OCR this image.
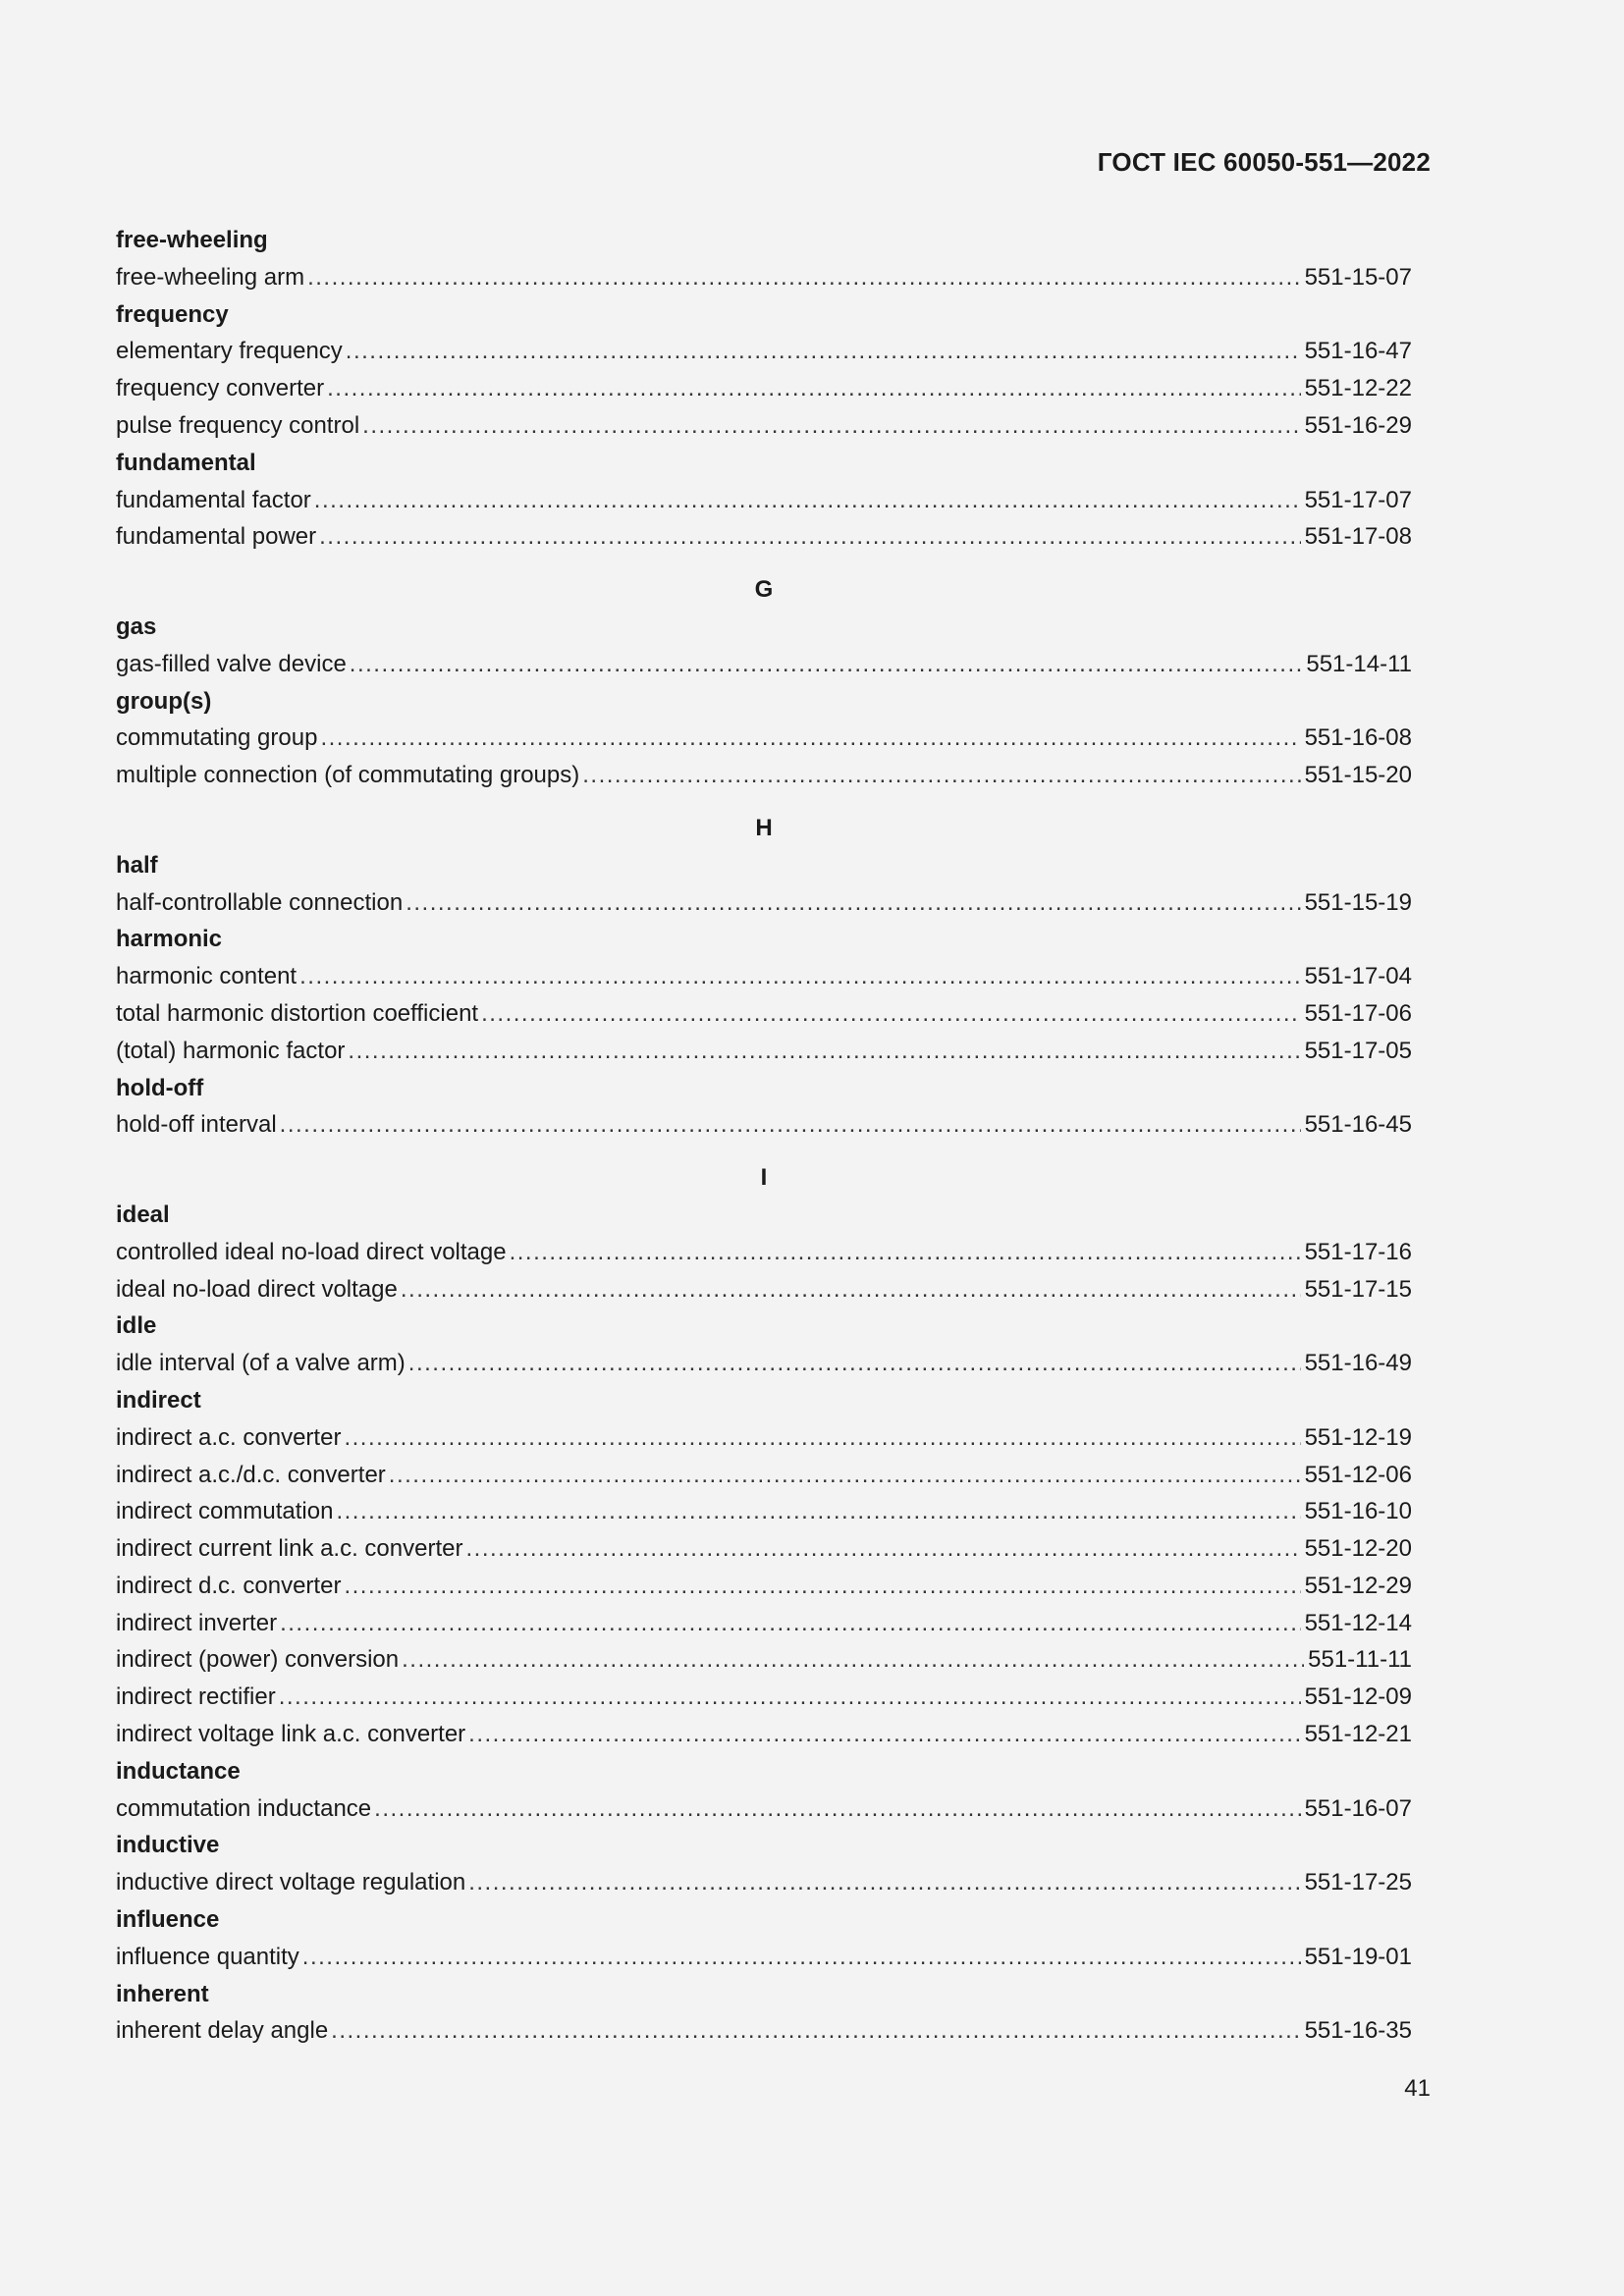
ГОСТ IEC 60050-551—2022
free-wheeling
free-wheeling arm .....	551-15-07
frequency
elementary frequency .....	551-16-47
frequency converter .....	551-12-22
pulse frequency control .....	551-16-29
fundamental
fundamental factor .....	551-17-07
fundamental power .....	551-17-08
G
gas
gas-filled valve device .....	551-14-11
group(s)
commutating group .....	551-16-08
multiple connection (of commutating groups) .....	551-15-20
H
half
half-controllable connection .....	551-15-19
harmonic
harmonic content .....	551-17-04
total harmonic distortion coefficient .....	551-17-06
(total) harmonic factor .....	551-17-05
hold-off
hold-off interval .....	551-16-45
I
ideal
controlled ideal no-load direct voltage .....	551-17-16
ideal no-load direct voltage .....	551-17-15
idle
idle interval (of a valve arm) .....	551-16-49
indirect
indirect a.c. converter .....	551-12-19
indirect a.c./d.c. converter .....	551-12-06
indirect commutation .....	551-16-10
indirect current link a.c. converter .....	551-12-20
indirect d.c. converter .....	551-12-29
indirect inverter .....	551-12-14
indirect (power) conversion .....	551-11-11
indirect rectifier .....	551-12-09
indirect voltage link a.c. converter .....	551-12-21
inductance
commutation inductance .....	551-16-07
inductive
inductive direct voltage regulation .....	551-17-25
influence
influence quantity .....	551-19-01
inherent
inherent delay angle .....	551-16-35
41
